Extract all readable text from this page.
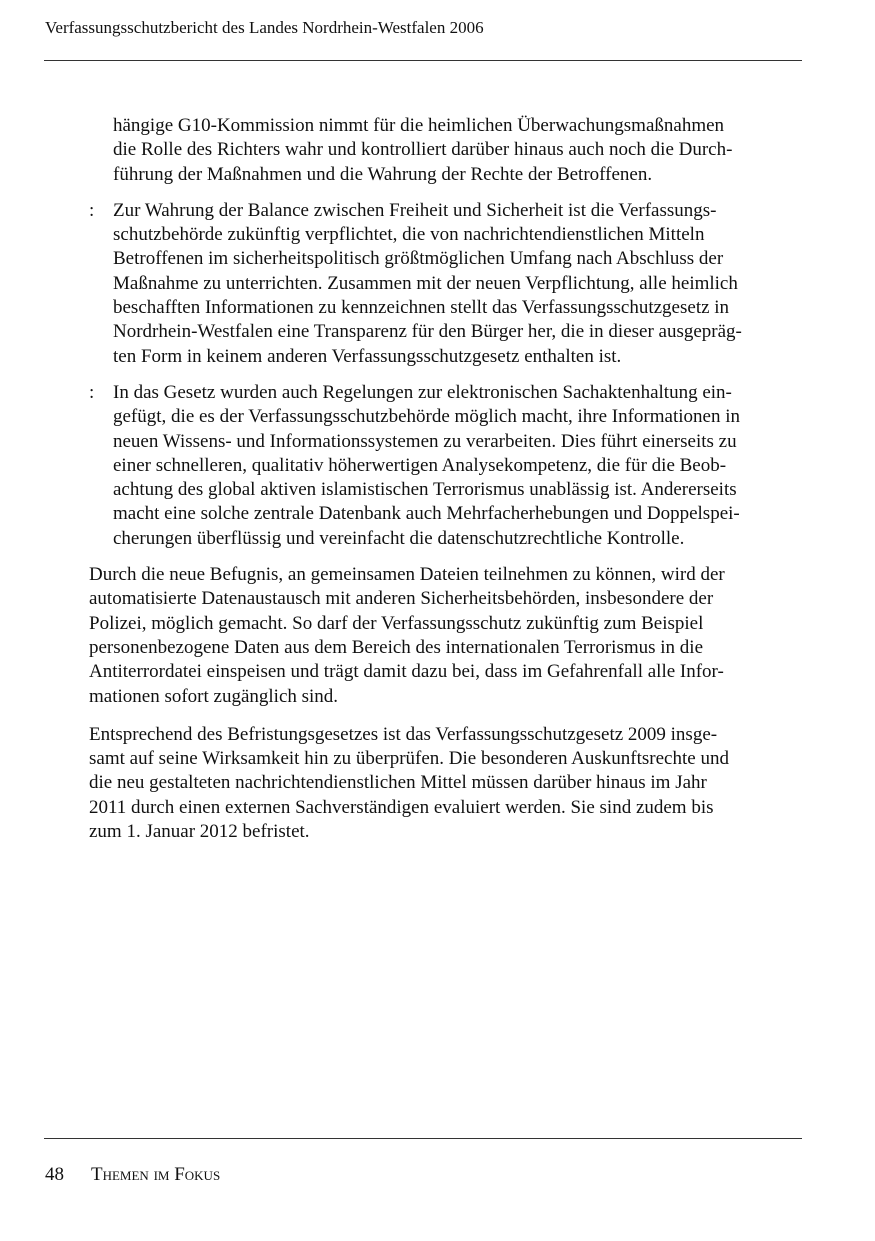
Verfassungsschutzbericht des Landes Nordrhein-Westfalen 2006
hängige G10-Kommission nimmt für die heimlichen Überwachungsmaßnahmen
die Rolle des Richters wahr und kontrolliert darüber hinaus auch noch die Durch-
führung der Maßnahmen und die Wahrung der Rechte der Betroffenen.
: Zur Wahrung der Balance zwischen Freiheit und Sicherheit ist die Verfassungs-
schutzbehörde zukünftig verpflichtet, die von nachrichtendienstlichen Mitteln
Betroffenen im sicherheitspolitisch größtmöglichen Umfang nach Abschluss der
Maßnahme zu unterrichten. Zusammen mit der neuen Verpflichtung, alle heimlich
beschafften Informationen zu kennzeichnen stellt das Verfassungsschutzgesetz in
Nordrhein-Westfalen eine Transparenz für den Bürger her, die in dieser ausgepräg-
ten Form in keinem anderen Verfassungsschutzgesetz enthalten ist.
: In das Gesetz wurden auch Regelungen zur elektronischen Sachaktenhaltung ein-
gefügt, die es der Verfassungsschutzbehörde möglich macht, ihre Informationen in
neuen Wissens- und Informationssystemen zu verarbeiten. Dies führt einerseits zu
einer schnelleren, qualitativ höherwertigen Analysekompetenz, die für die Beob-
achtung des global aktiven islamistischen Terrorismus unablässig ist. Andererseits
macht eine solche zentrale Datenbank auch Mehrfacherhebungen und Doppelspei-
cherungen überflüssig und vereinfacht die datenschutzrechtliche Kontrolle.

Durch die neue Befugnis, an gemeinsamen Dateien teilnehmen zu können, wird der
automatisierte Datenaustausch mit anderen Sicherheitsbehörden, insbesondere der
Polizei, möglich gemacht. So darf der Verfassungsschutz zukünftig zum Beispiel
personenbezogene Daten aus dem Bereich des internationalen Terrorismus in die
Antiterrordatei einspeisen und trägt damit dazu bei, dass im Gefahrenfall alle Infor-
mationen sofort zugänglich sind.

Entsprechend des Befristungsgesetzes ist das Verfassungsschutzgesetz 2009 insge-
samt auf seine Wirksamkeit hin zu überprüfen. Die besonderen Auskunftsrechte und
die neu gestalteten nachrichtendienstlichen Mittel müssen darüber hinaus im Jahr
2011 durch einen externen Sachverständigen evaluiert werden. Sie sind zudem bis
zum 1. Januar 2012 befristet.

48 Themen im Fokus
